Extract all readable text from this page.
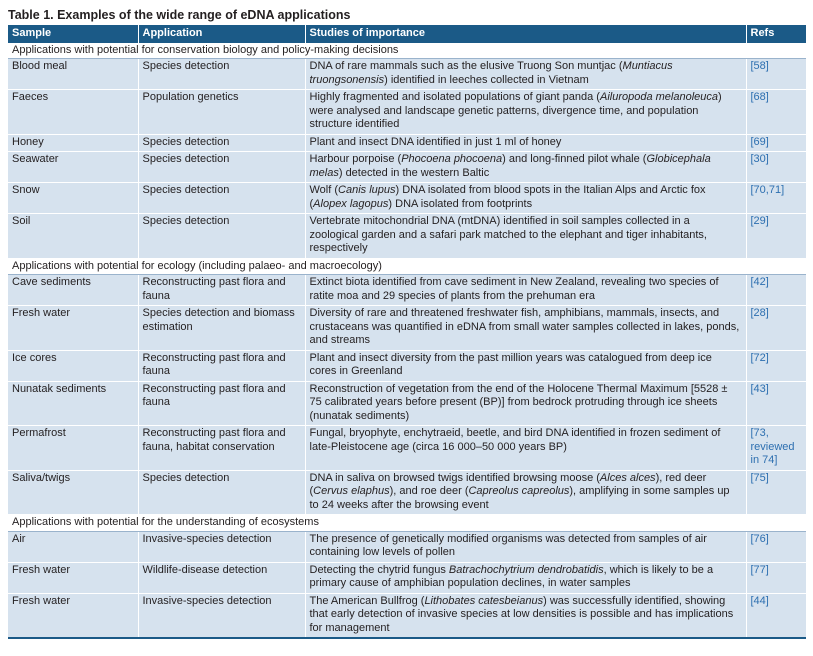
Table 1. Examples of the wide range of eDNA applications
Sample	Application	Studies of importance	Refs
Applications with potential for conservation biology and policy-making decisions			
Blood meal	Species detection	DNA of rare mammals such as the elusive Truong Son muntjac (Muntiacus truongsonensis) identified in leeches collected in Vietnam	[58]
Faeces	Population genetics	Highly fragmented and isolated populations of giant panda (Ailuropoda melanoleuca) were analysed and landscape genetic patterns, divergence time, and population structure identified	[68]
Honey	Species detection	Plant and insect DNA identified in just 1 ml of honey	[69]
Seawater	Species detection	Harbour porpoise (Phocoena phocoena) and long-finned pilot whale (Globicephala melas) detected in the western Baltic	[30]
Snow	Species detection	Wolf (Canis lupus) DNA isolated from blood spots in the Italian Alps and Arctic fox (Alopex lagopus) DNA isolated from footprints	[70,71]
Soil	Species detection	Vertebrate mitochondrial DNA (mtDNA) identified in soil samples collected in a zoological garden and a safari park matched to the elephant and tiger inhabitants, respectively	[29]
Applications with potential for ecology (including palaeo- and macroecology)			
Cave sediments	Reconstructing past flora and fauna	Extinct biota identified from cave sediment in New Zealand, revealing two species of ratite moa and 29 species of plants from the prehuman era	[42]
Fresh water	Species detection and biomass estimation	Diversity of rare and threatened freshwater fish, amphibians, mammals, insects, and crustaceans was quantified in eDNA from small water samples collected in lakes, ponds, and streams	[28]
Ice cores	Reconstructing past flora and fauna	Plant and insect diversity from the past million years was catalogued from deep ice cores in Greenland	[72]
Nunatak sediments	Reconstructing past flora and fauna	Reconstruction of vegetation from the end of the Holocene Thermal Maximum [5528 ± 75 calibrated years before present (BP)] from bedrock protruding through ice sheets (nunatak sediments)	[43]
Permafrost	Reconstructing past flora and fauna, habitat conservation	Fungal, bryophyte, enchytraeid, beetle, and bird DNA identified in frozen sediment of late-Pleistocene age (circa 16 000–50 000 years BP)	[73, reviewed in 74]
Saliva/twigs	Species detection	DNA in saliva on browsed twigs identified browsing moose (Alces alces), red deer (Cervus elaphus), and roe deer (Capreolus capreolus), amplifying in some samples up to 24 weeks after the browsing event	[75]
Applications with potential for the understanding of ecosystems			
Air	Invasive-species detection	The presence of genetically modified organisms was detected from samples of air containing low levels of pollen	[76]
Fresh water	Wildlife-disease detection	Detecting the chytrid fungus Batrachochytrium dendrobatidis, which is likely to be a primary cause of amphibian population declines, in water samples	[77]
Fresh water	Invasive-species detection	The American Bullfrog (Lithobates catesbeianus) was successfully identified, showing that early detection of invasive species at low densities is possible and has implications for management	[44]
